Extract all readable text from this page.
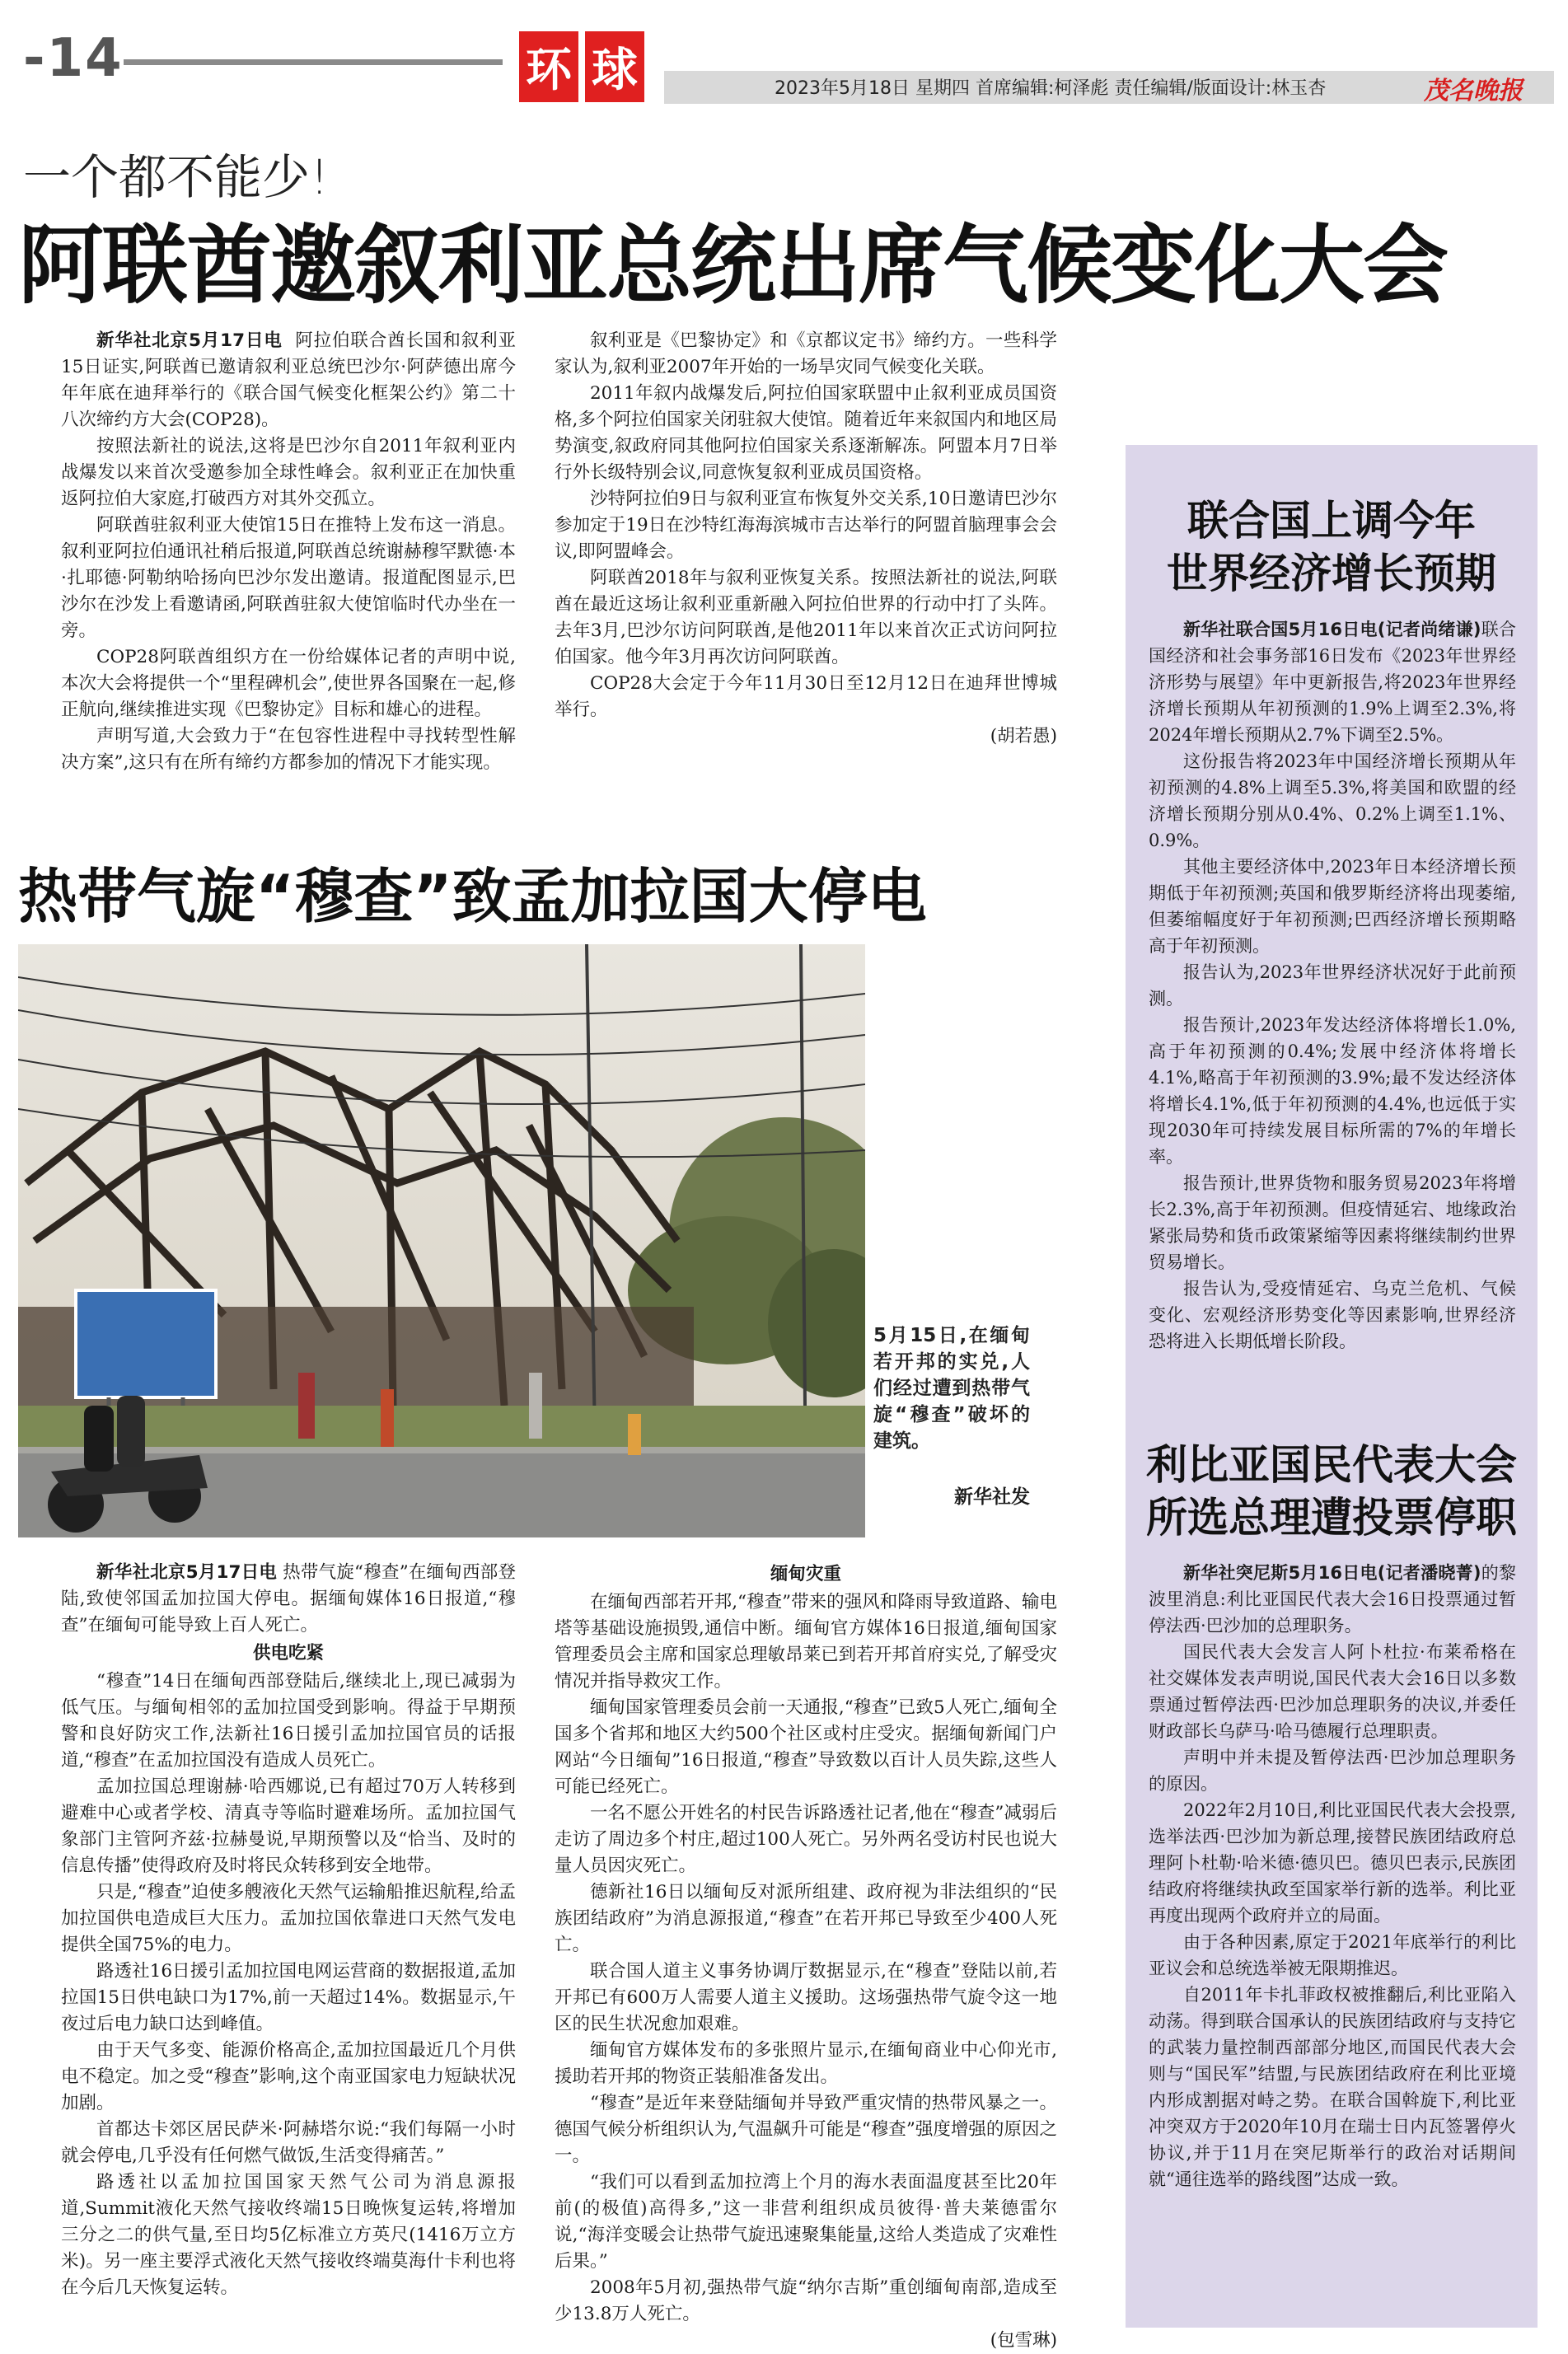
-14	环 球	2023年5月18日 星期四 首席编辑:柯泽彪 责任编辑/版面设计:林玉杏	茂名晚报
一个都不能少!
阿联酋邀叙利亚总统出席气候变化大会

新华社北京5月17日电 阿拉伯联合酋长国和叙利亚15日证实,阿联酋已邀请叙利亚总统巴沙尔·阿萨德出席今年年底在迪拜举行的《联合国气候变化框架公约》第二十八次缔约方大会(COP28)。

按照法新社的说法,这将是巴沙尔自2011年叙利亚内战爆发以来首次受邀参加全球性峰会。叙利亚正在加快重返阿拉伯大家庭,打破西方对其外交孤立。

阿联酋驻叙利亚大使馆15日在推特上发布这一消息。叙利亚阿拉伯通讯社稍后报道,阿联酋总统谢赫穆罕默德·本·扎耶德·阿勒纳哈扬向巴沙尔发出邀请。报道配图显示,巴沙尔在沙发上看邀请函,阿联酋驻叙大使馆临时代办坐在一旁。

COP28阿联酋组织方在一份给媒体记者的声明中说,本次大会将提供一个“里程碑机会”,使世界各国聚在一起,修正航向,继续推进实现《巴黎协定》目标和雄心的进程。

声明写道,大会致力于“在包容性进程中寻找转型性解决方案”,这只有在所有缔约方都参加的情况下才能实现。

叙利亚是《巴黎协定》和《京都议定书》缔约方。一些科学家认为,叙利亚2007年开始的一场旱灾同气候变化关联。

2011年叙内战爆发后,阿拉伯国家联盟中止叙利亚成员国资格,多个阿拉伯国家关闭驻叙大使馆。随着近年来叙国内和地区局势演变,叙政府同其他阿拉伯国家关系逐渐解冻。阿盟本月7日举行外长级特别会议,同意恢复叙利亚成员国资格。

沙特阿拉伯9日与叙利亚宣布恢复外交关系,10日邀请巴沙尔参加定于19日在沙特红海海滨城市吉达举行的阿盟首脑理事会会议,即阿盟峰会。

阿联酋2018年与叙利亚恢复关系。按照法新社的说法,阿联酋在最近这场让叙利亚重新融入阿拉伯世界的行动中打了头阵。去年3月,巴沙尔访问阿联酋,是他2011年以来首次正式访问阿拉伯国家。他今年3月再次访问阿联酋。

COP28大会定于今年11月30日至12月12日在迪拜世博城举行。

(胡若愚)
热带气旋“穆查”致孟加拉国大停电
5月15日,在缅甸若开邦的实兑,人们经过遭到热带气旋“穆查”破坏的建筑。
新华社发

新华社北京5月17日电 热带气旋“穆查”在缅甸西部登陆,致使邻国孟加拉国大停电。据缅甸媒体16日报道,“穆查”在缅甸可能导致上百人死亡。

供电吃紧

“穆查”14日在缅甸西部登陆后,继续北上,现已减弱为低气压。与缅甸相邻的孟加拉国受到影响。得益于早期预警和良好防灾工作,法新社16日援引孟加拉国官员的话报道,“穆查”在孟加拉国没有造成人员死亡。

孟加拉国总理谢赫·哈西娜说,已有超过70万人转移到避难中心或者学校、清真寺等临时避难场所。孟加拉国气象部门主管阿齐兹·拉赫曼说,早期预警以及“恰当、及时的信息传播”使得政府及时将民众转移到安全地带。

只是,“穆查”迫使多艘液化天然气运输船推迟航程,给孟加拉国供电造成巨大压力。孟加拉国依靠进口天然气发电提供全国75%的电力。

路透社16日援引孟加拉国电网运营商的数据报道,孟加拉国15日供电缺口为17%,前一天超过14%。数据显示,午夜过后电力缺口达到峰值。

由于天气多变、能源价格高企,孟加拉国最近几个月供电不稳定。加之受“穆查”影响,这个南亚国家电力短缺状况加剧。

首都达卡郊区居民萨米·阿赫塔尔说:“我们每隔一小时就会停电,几乎没有任何燃气做饭,生活变得痛苦。”

路透社以孟加拉国国家天然气公司为消息源报道,Summit液化天然气接收终端15日晚恢复运转,将增加三分之二的供气量,至日均5亿标准立方英尺(1416万立方米)。另一座主要浮式液化天然气接收终端莫海什卡利也将在今后几天恢复运转。

缅甸灾重

在缅甸西部若开邦,“穆查”带来的强风和降雨导致道路、输电塔等基础设施损毁,通信中断。缅甸官方媒体16日报道,缅甸国家管理委员会主席和国家总理敏昂莱已到若开邦首府实兑,了解受灾情况并指导救灾工作。

缅甸国家管理委员会前一天通报,“穆查”已致5人死亡,缅甸全国多个省邦和地区大约500个社区或村庄受灾。据缅甸新闻门户网站“今日缅甸”16日报道,“穆查”导致数以百计人员失踪,这些人可能已经死亡。

一名不愿公开姓名的村民告诉路透社记者,他在“穆查”减弱后走访了周边多个村庄,超过100人死亡。另外两名受访村民也说大量人员因灾死亡。

德新社16日以缅甸反对派所组建、政府视为非法组织的“民族团结政府”为消息源报道,“穆查”在若开邦已导致至少400人死亡。

联合国人道主义事务协调厅数据显示,在“穆查”登陆以前,若开邦已有600万人需要人道主义援助。这场强热带气旋令这一地区的民生状况愈加艰难。

缅甸官方媒体发布的多张照片显示,在缅甸商业中心仰光市,援助若开邦的物资正装船准备发出。

“穆查”是近年来登陆缅甸并导致严重灾情的热带风暴之一。德国气候分析组织认为,气温飙升可能是“穆查”强度增强的原因之一。

“我们可以看到孟加拉湾上个月的海水表面温度甚至比20年前(的极值)高得多,”这一非营利组织成员彼得·普夫莱德雷尔说,“海洋变暖会让热带气旋迅速聚集能量,这给人类造成了灾难性后果。”

2008年5月初,强热带气旋“纳尔吉斯”重创缅甸南部,造成至少13.8万人死亡。

(包雪琳)
联合国上调今年
世界经济增长预期

新华社联合国5月16日电(记者尚绪谦)联合国经济和社会事务部16日发布《2023年世界经济形势与展望》年中更新报告,将2023年世界经济增长预期从年初预测的1.9%上调至2.3%,将2024年增长预期从2.7%下调至2.5%。

这份报告将2023年中国经济增长预期从年初预测的4.8%上调至5.3%,将美国和欧盟的经济增长预期分别从0.4%、0.2%上调至1.1%、0.9%。

其他主要经济体中,2023年日本经济增长预期低于年初预测;英国和俄罗斯经济将出现萎缩,但萎缩幅度好于年初预测;巴西经济增长预期略高于年初预测。

报告认为,2023年世界经济状况好于此前预测。

报告预计,2023年发达经济体将增长1.0%,高于年初预测的0.4%;发展中经济体将增长4.1%,略高于年初预测的3.9%;最不发达经济体将增长4.1%,低于年初预测的4.4%,也远低于实现2030年可持续发展目标所需的7%的年增长率。

报告预计,世界货物和服务贸易2023年将增长2.3%,高于年初预测。但疫情延宕、地缘政治紧张局势和货币政策紧缩等因素将继续制约世界贸易增长。

报告认为,受疫情延宕、乌克兰危机、气候变化、宏观经济形势变化等因素影响,世界经济恐将进入长期低增长阶段。

利比亚国民代表大会
所选总理遭投票停职

新华社突尼斯5月16日电(记者潘晓菁)的黎波里消息:利比亚国民代表大会16日投票通过暂停法西·巴沙加的总理职务。

国民代表大会发言人阿卜杜拉·布莱希格在社交媒体发表声明说,国民代表大会16日以多数票通过暂停法西·巴沙加总理职务的决议,并委任财政部长乌萨马·哈马德履行总理职责。

声明中并未提及暂停法西·巴沙加总理职务的原因。

2022年2月10日,利比亚国民代表大会投票,选举法西·巴沙加为新总理,接替民族团结政府总理阿卜杜勒·哈米德·德贝巴。德贝巴表示,民族团结政府将继续执政至国家举行新的选举。利比亚再度出现两个政府并立的局面。

由于各种因素,原定于2021年底举行的利比亚议会和总统选举被无限期推迟。

自2011年卡扎菲政权被推翻后,利比亚陷入动荡。得到联合国承认的民族团结政府与支持它的武装力量控制西部部分地区,而国民代表大会则与“国民军”结盟,与民族团结政府在利比亚境内形成割据对峙之势。在联合国斡旋下,利比亚冲突双方于2020年10月在瑞士日内瓦签署停火协议,并于11月在突尼斯举行的政治对话期间就“通往选举的路线图”达成一致。
